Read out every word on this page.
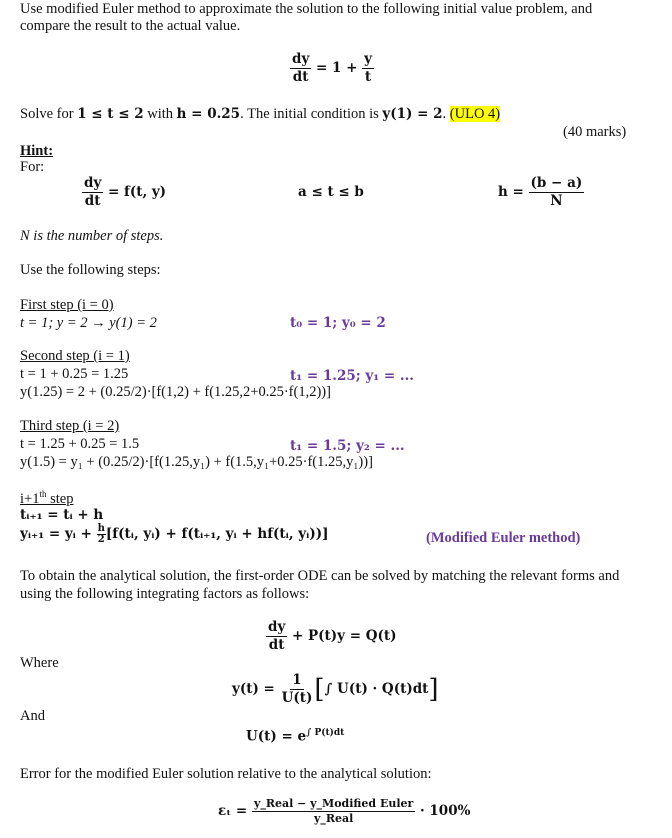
Use modified Euler method to approximate the solution to the following initial value problem, and
compare the result to the actual value.
$\frac{dy}{dt} = 1 + \frac{y}{t}$
Solve for 1 ≤ t ≤ 2 with h = 0.25. The initial condition is y(1) = 2. (ULO 4)
(40 marks)
Hint:
For:
$\frac{dy}{dt} = f(t$, y)	a ≤ t ≤ b	$h = \frac{(b - a)}{N}$
N is the number of steps.
Use the following steps:
First step (i = 0)
t = 1; y = 2 → y(1) = 2	t₀ = 1; y₀ = 2
Second step (i = 1)
t = 1 + 0.25 = 1.25	t₁ = 1.25; y₁ = ...
y(1.25) = 2 + (0.25/2)·[f(1,2) + f(1.25,2+0.25·f(1,2))]
Third step (i = 2)
t = 1.25 + 0.25 = 1.5	t₁ = 1.5; y₂ = ...
y(1.5) = y₁ + (0.25/2)·[f(1.25,y₁) + f(1.5,y₁+0.25·f(1.25,y₁))]
i+1th step
tᵢ₊₁ = tᵢ + h
yᵢ₊₁ = yᵢ + $\frac{h}{2}$ [f(tᵢ, yᵢ) + f(tᵢ₊₁, yᵢ + hf(tᵢ, yᵢ))]	(Modified Euler method)
To obtain the analytical solution, the first-order ODE can be solved by matching the relevant forms and
using the following integrating factors as follows:
$\frac{dy}{dt} + P(t)y = Q(t)$
Where
$y(t) = \frac{1}{U(t)}$ [∫ U(t) · Q(t)dt]
And
$U(t) = e^{\int P(t)dt}$
Error for the modified Euler solution relative to the analytical solution:
$\varepsilon_t = \frac{\text{y\_Real − y\_Modified Euler}}{\text{y\_Real}} \cdot 100\%$
